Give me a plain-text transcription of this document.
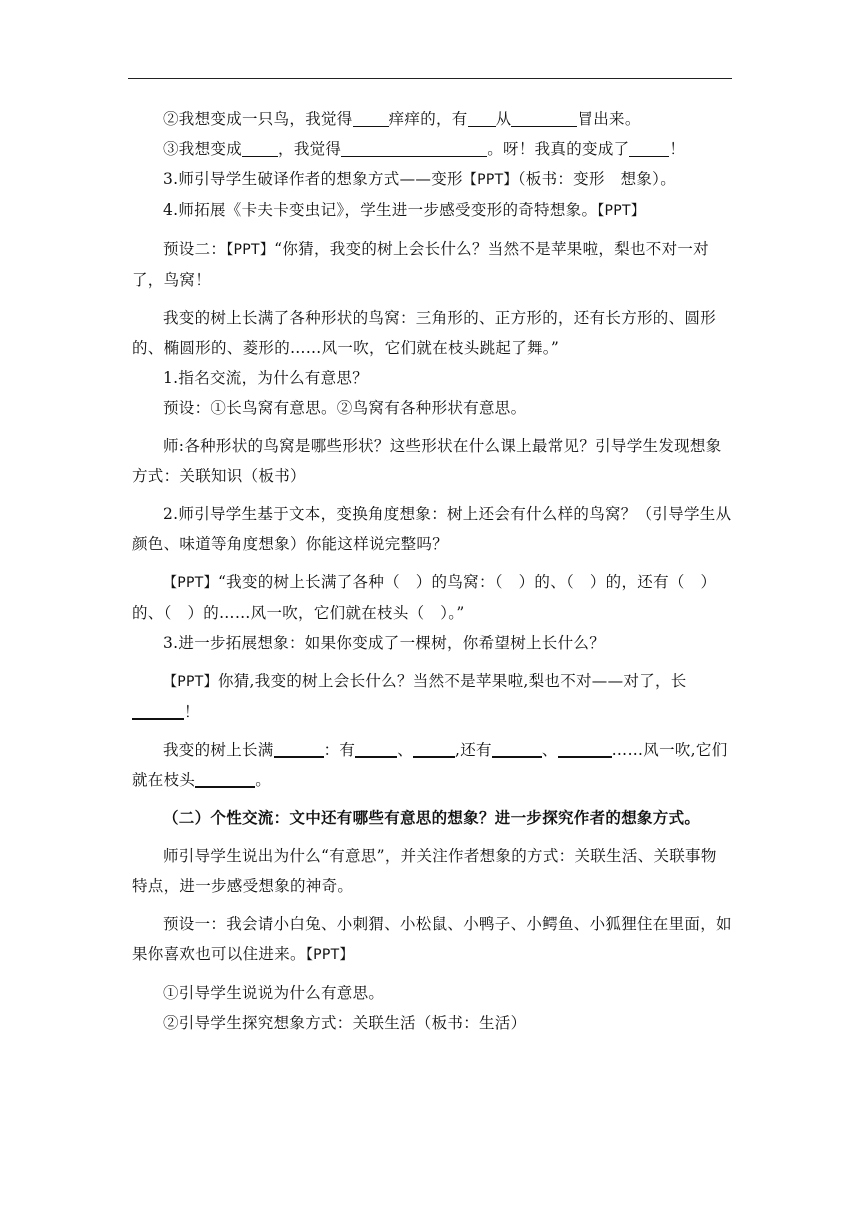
②我想变成一只鸟，我觉得 痒痒的，有 从	冒出来。

③我想变成 ，我觉得	。呀！我真的变成了	！

3.师引导学生破译作者的想象方式——变形【PPT】（板书：变形　想象）。

4.师拓展《卡夫卡变虫记》，学生进一步感受变形的奇特想象。【PPT】

预设二：【PPT】“你猜，我变的树上会长什么？当然不是苹果啦，梨也不对一对了，鸟窝！

我变的树上长满了各种形状的鸟窝：三角形的、正方形的，还有长方形的、圆形的、椭圆形的、菱形的……风一吹，它们就在枝头跳起了舞。”

1.指名交流，为什么有意思？

预设：①长鸟窝有意思。②鸟窝有各种形状有意思。

师:各种形状的鸟窝是哪些形状？这些形状在什么课上最常见？引导学生发现想象方式：关联知识（板书）

2.师引导学生基于文本，变换角度想象：树上还会有什么样的鸟窝？（引导学生从颜色、味道等角度想象）你能这样说完整吗？

【PPT】“我变的树上长满了各种（　）的鸟窝：（　）的、（　）的，还有（　）的、（　）的……风一吹，它们就在枝头（　）。”

3.进一步拓展想象：如果你变成了一棵树，你希望树上长什么？

【PPT】你猜,我变的树上会长什么？当然不是苹果啦,梨也不对——对了，长！

我变的树上长满	：有	、	,还有	、	……风一吹,它们就在枝头	。

（二）个性交流：文中还有哪些有意思的想象？进一步探究作者的想象方式。

师引导学生说出为什么“有意思”，并关注作者想象的方式：关联生活、关联事物特点，进一步感受想象的神奇。

预设一：我会请小白兔、小刺猬、小松鼠、小鸭子、小鳄鱼、小狐狸住在里面，如果你喜欢也可以住进来。【PPT】

①引导学生说说为什么有意思。

②引导学生探究想象方式：关联生活（板书：生活）
